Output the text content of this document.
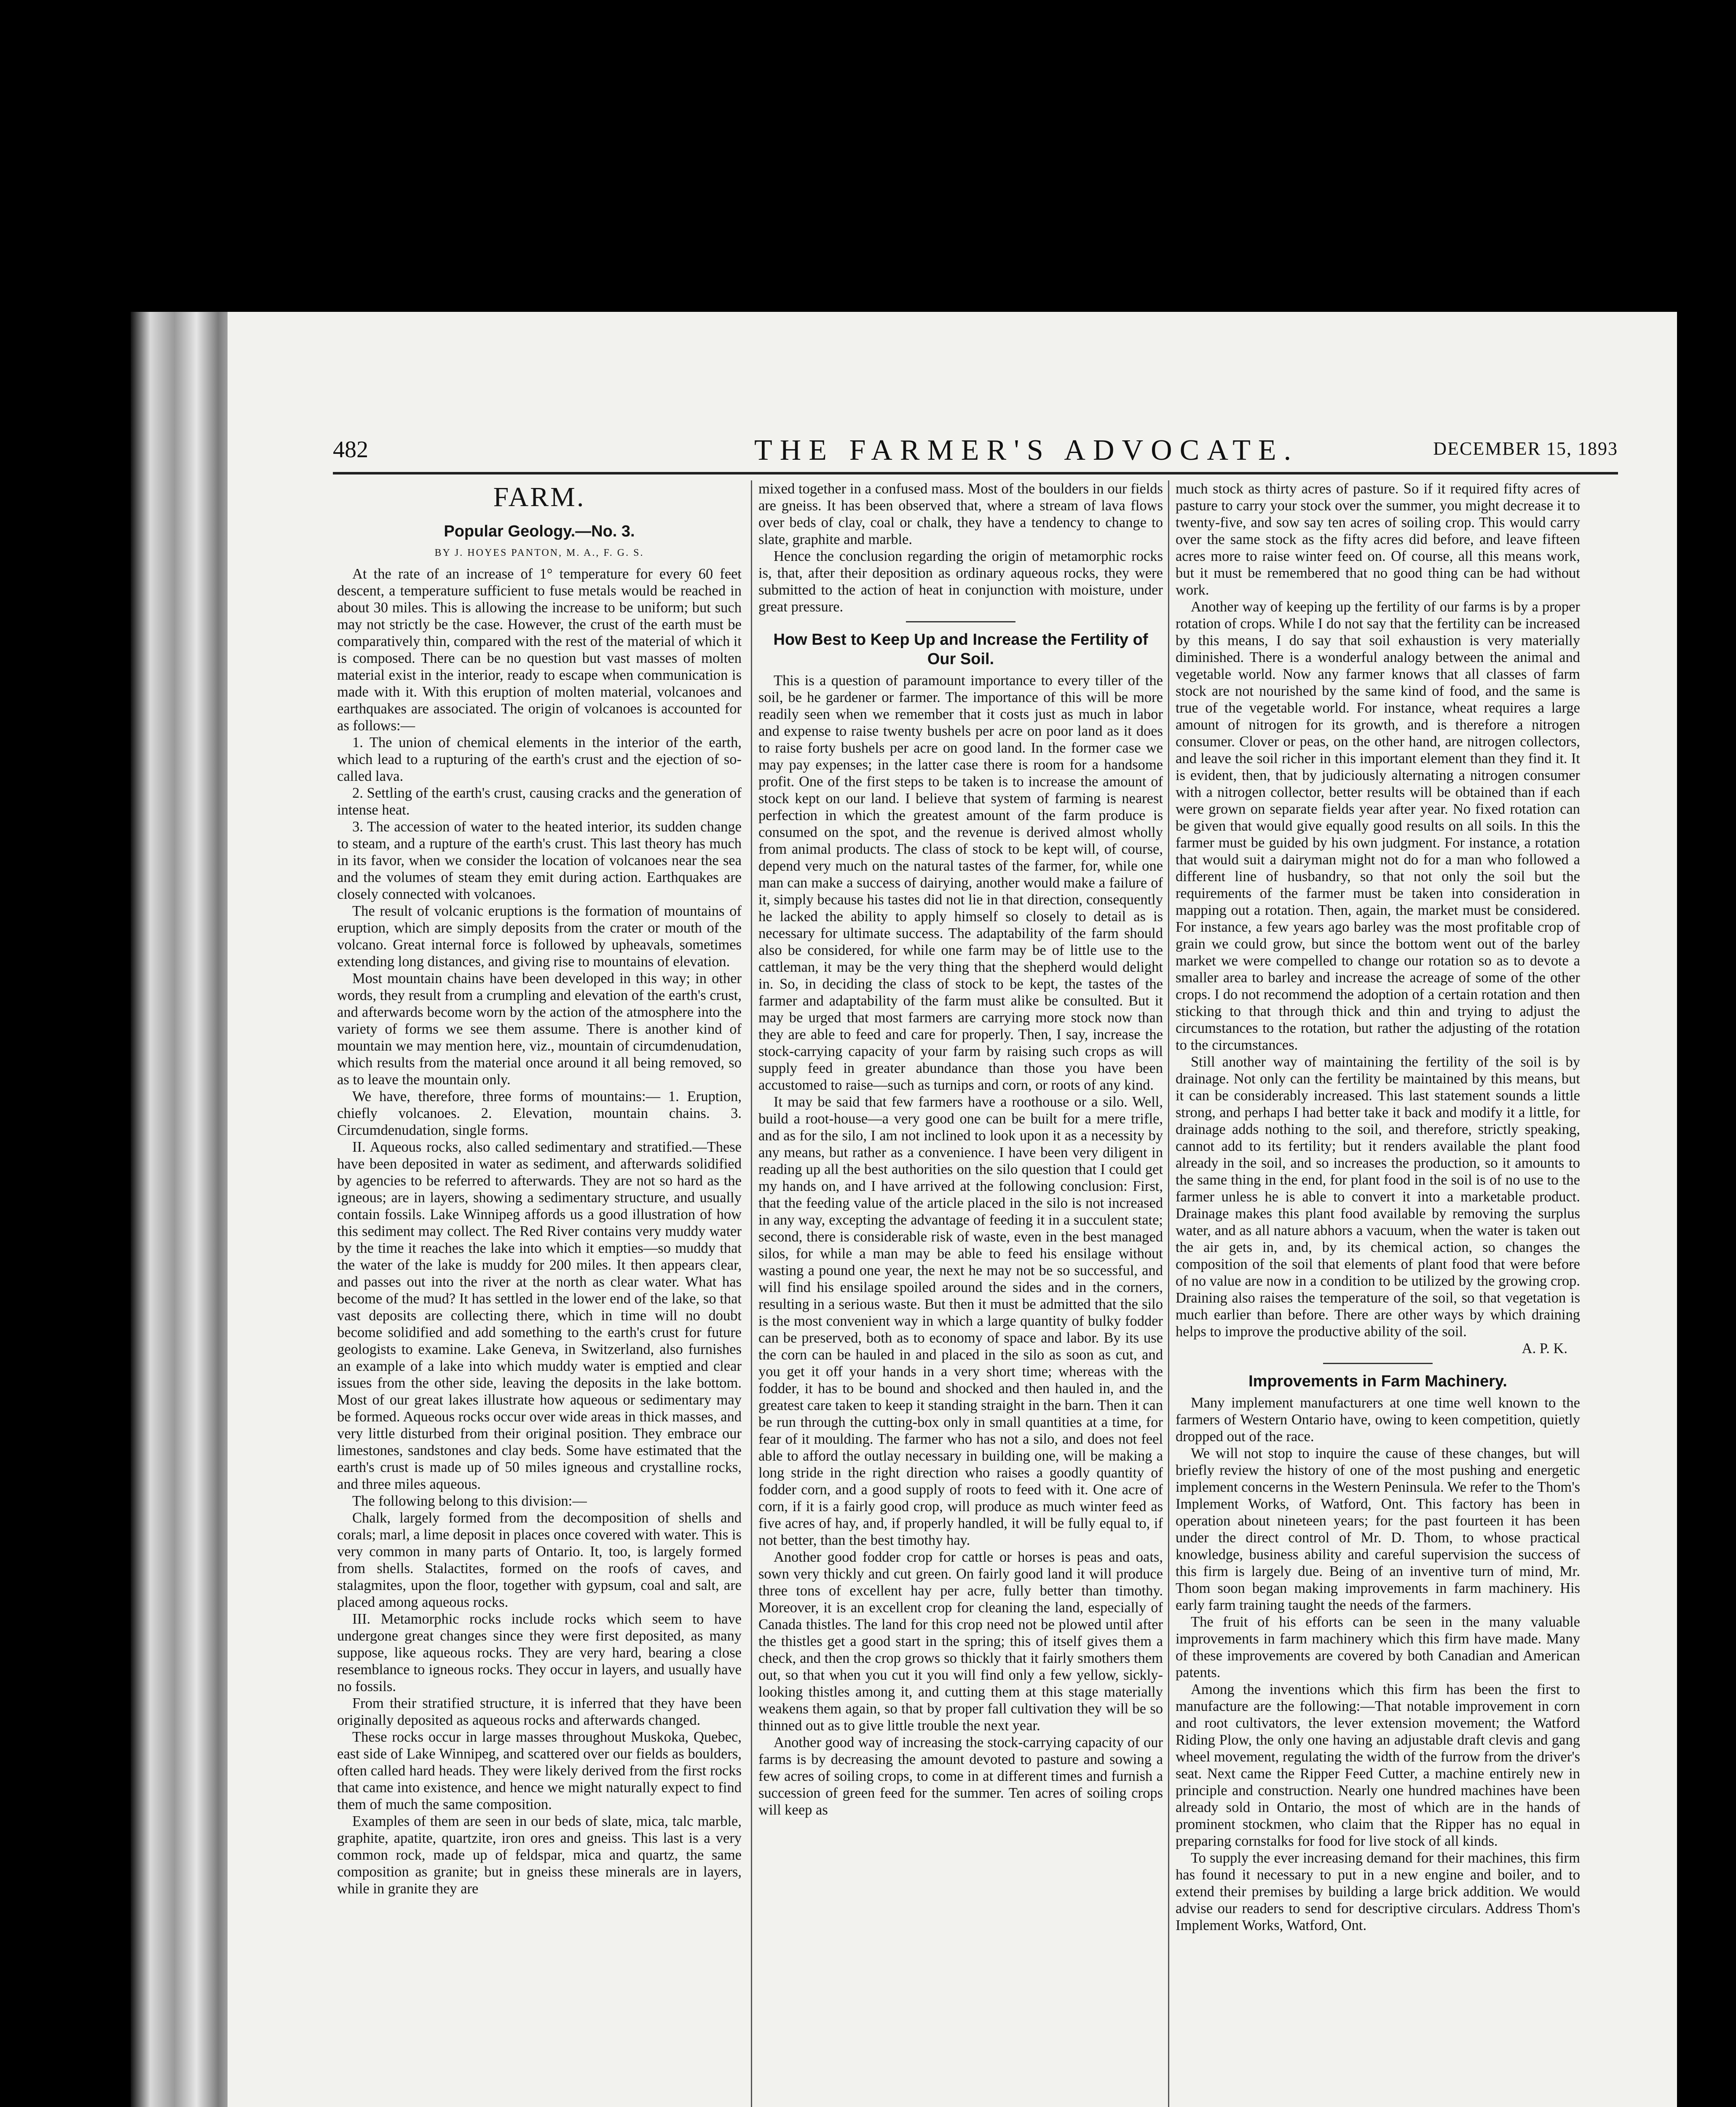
482	THE FARMER'S ADVOCATE.	DECEMBER 15, 1893
FARM.
Popular Geology.—No. 3.
BY J. HOYES PANTON, M. A., F. G. S.

At the rate of an increase of 1° temperature for every 60 feet descent, a temperature sufficient to fuse metals would be reached in about 30 miles. This is allowing the increase to be uniform; but such may not strictly be the case. However, the crust of the earth must be comparatively thin, compared with the rest of the material of which it is composed. There can be no question but vast masses of molten material exist in the interior, ready to escape when communication is made with it. With this eruption of molten material, volcanoes and earthquakes are associated. The origin of volcanoes is accounted for as follows:—

1. The union of chemical elements in the interior of the earth, which lead to a rupturing of the earth's crust and the ejection of so-called lava.

2. Settling of the earth's crust, causing cracks and the generation of intense heat.

3. The accession of water to the heated interior, its sudden change to steam, and a rupture of the earth's crust. This last theory has much in its favor, when we consider the location of volcanoes near the sea and the volumes of steam they emit during action. Earthquakes are closely connected with volcanoes.

The result of volcanic eruptions is the formation of mountains of eruption, which are simply deposits from the crater or mouth of the volcano. Great internal force is followed by upheavals, sometimes extending long distances, and giving rise to mountains of elevation.

Most mountain chains have been developed in this way; in other words, they result from a crumpling and elevation of the earth's crust, and afterwards become worn by the action of the atmosphere into the variety of forms we see them assume. There is another kind of mountain we may mention here, viz., mountain of circumdenudation, which results from the material once around it all being removed, so as to leave the mountain only.

We have, therefore, three forms of mountains:— 1. Eruption, chiefly volcanoes. 2. Elevation, mountain chains. 3. Circumdenudation, single forms.

II. Aqueous rocks, also called sedimentary and stratified.—These have been deposited in water as sediment, and afterwards solidified by agencies to be referred to afterwards. They are not so hard as the igneous; are in layers, showing a sedimentary structure, and usually contain fossils. Lake Winnipeg affords us a good illustration of how this sediment may collect. The Red River contains very muddy water by the time it reaches the lake into which it empties—so muddy that the water of the lake is muddy for 200 miles. It then appears clear, and passes out into the river at the north as clear water. What has become of the mud? It has settled in the lower end of the lake, so that vast deposits are collecting there, which in time will no doubt become solidified and add something to the earth's crust for future geologists to examine. Lake Geneva, in Switzerland, also furnishes an example of a lake into which muddy water is emptied and clear issues from the other side, leaving the deposits in the lake bottom. Most of our great lakes illustrate how aqueous or sedimentary may be formed. Aqueous rocks occur over wide areas in thick masses, and very little disturbed from their original position. They embrace our limestones, sandstones and clay beds. Some have estimated that the earth's crust is made up of 50 miles igneous and crystalline rocks, and three miles aqueous.

The following belong to this division:—

Chalk, largely formed from the decomposition of shells and corals; marl, a lime deposit in places once covered with water. This is very common in many parts of Ontario. It, too, is largely formed from shells. Stalactites, formed on the roofs of caves, and stalagmites, upon the floor, together with gypsum, coal and salt, are placed among aqueous rocks.

III. Metamorphic rocks include rocks which seem to have undergone great changes since they were first deposited, as many suppose, like aqueous rocks. They are very hard, bearing a close resemblance to igneous rocks. They occur in layers, and usually have no fossils.

From their stratified structure, it is inferred that they have been originally deposited as aqueous rocks and afterwards changed.

These rocks occur in large masses throughout Muskoka, Quebec, east side of Lake Winnipeg, and scattered over our fields as boulders, often called hard heads. They were likely derived from the first rocks that came into existence, and hence we might naturally expect to find them of much the same composition.

Examples of them are seen in our beds of slate, mica, talc marble, graphite, apatite, quartzite, iron ores and gneiss. This last is a very common rock, made up of feldspar, mica and quartz, the same composition as granite; but in gneiss these minerals are in layers, while in granite they are

mixed together in a confused mass. Most of the boulders in our fields are gneiss. It has been observed that, where a stream of lava flows over beds of clay, coal or chalk, they have a tendency to change to slate, graphite and marble.

Hence the conclusion regarding the origin of metamorphic rocks is, that, after their deposition as ordinary aqueous rocks, they were submitted to the action of heat in conjunction with moisture, under great pressure.

How Best to Keep Up and Increase the Fertility of Our Soil.

This is a question of paramount importance to every tiller of the soil, be he gardener or farmer. The importance of this will be more readily seen when we remember that it costs just as much in labor and expense to raise twenty bushels per acre on poor land as it does to raise forty bushels per acre on good land. In the former case we may pay expenses; in the latter case there is room for a handsome profit. One of the first steps to be taken is to increase the amount of stock kept on our land. I believe that system of farming is nearest perfection in which the greatest amount of the farm produce is consumed on the spot, and the revenue is derived almost wholly from animal products. The class of stock to be kept will, of course, depend very much on the natural tastes of the farmer, for, while one man can make a success of dairying, another would make a failure of it, simply because his tastes did not lie in that direction, consequently he lacked the ability to apply himself so closely to detail as is necessary for ultimate success. The adaptability of the farm should also be considered, for while one farm may be of little use to the cattleman, it may be the very thing that the shepherd would delight in. So, in deciding the class of stock to be kept, the tastes of the farmer and adaptability of the farm must alike be consulted. But it may be urged that most farmers are carrying more stock now than they are able to feed and care for properly. Then, I say, increase the stock-carrying capacity of your farm by raising such crops as will supply feed in greater abundance than those you have been accustomed to raise—such as turnips and corn, or roots of any kind.

It may be said that few farmers have a roothouse or a silo. Well, build a root-house—a very good one can be built for a mere trifle, and as for the silo, I am not inclined to look upon it as a necessity by any means, but rather as a convenience. I have been very diligent in reading up all the best authorities on the silo question that I could get my hands on, and I have arrived at the following conclusion: First, that the feeding value of the article placed in the silo is not increased in any way, excepting the advantage of feeding it in a succulent state; second, there is considerable risk of waste, even in the best managed silos, for while a man may be able to feed his ensilage without wasting a pound one year, the next he may not be so successful, and will find his ensilage spoiled around the sides and in the corners, resulting in a serious waste. But then it must be admitted that the silo is the most convenient way in which a large quantity of bulky fodder can be preserved, both as to economy of space and labor. By its use the corn can be hauled in and placed in the silo as soon as cut, and you get it off your hands in a very short time; whereas with the fodder, it has to be bound and shocked and then hauled in, and the greatest care taken to keep it standing straight in the barn. Then it can be run through the cutting-box only in small quantities at a time, for fear of it moulding. The farmer who has not a silo, and does not feel able to afford the outlay necessary in building one, will be making a long stride in the right direction who raises a goodly quantity of fodder corn, and a good supply of roots to feed with it. One acre of corn, if it is a fairly good crop, will produce as much winter feed as five acres of hay, and, if properly handled, it will be fully equal to, if not better, than the best timothy hay.

Another good fodder crop for cattle or horses is peas and oats, sown very thickly and cut green. On fairly good land it will produce three tons of excellent hay per acre, fully better than timothy. Moreover, it is an excellent crop for cleaning the land, especially of Canada thistles. The land for this crop need not be plowed until after the thistles get a good start in the spring; this of itself gives them a check, and then the crop grows so thickly that it fairly smothers them out, so that when you cut it you will find only a few yellow, sickly-looking thistles among it, and cutting them at this stage materially weakens them again, so that by proper fall cultivation they will be so thinned out as to give little trouble the next year.

Another good way of increasing the stock-carrying capacity of our farms is by decreasing the amount devoted to pasture and sowing a few acres of soiling crops, to come in at different times and furnish a succession of green feed for the summer. Ten acres of soiling crops will keep as

much stock as thirty acres of pasture. So if it required fifty acres of pasture to carry your stock over the summer, you might decrease it to twenty-five, and sow say ten acres of soiling crop. This would carry over the same stock as the fifty acres did before, and leave fifteen acres more to raise winter feed on. Of course, all this means work, but it must be remembered that no good thing can be had without work.

Another way of keeping up the fertility of our farms is by a proper rotation of crops. While I do not say that the fertility can be increased by this means, I do say that soil exhaustion is very materially diminished. There is a wonderful analogy between the animal and vegetable world. Now any farmer knows that all classes of farm stock are not nourished by the same kind of food, and the same is true of the vegetable world. For instance, wheat requires a large amount of nitrogen for its growth, and is therefore a nitrogen consumer. Clover or peas, on the other hand, are nitrogen collectors, and leave the soil richer in this important element than they find it. It is evident, then, that by judiciously alternating a nitrogen consumer with a nitrogen collector, better results will be obtained than if each were grown on separate fields year after year. No fixed rotation can be given that would give equally good results on all soils. In this the farmer must be guided by his own judgment. For instance, a rotation that would suit a dairyman might not do for a man who followed a different line of husbandry, so that not only the soil but the requirements of the farmer must be taken into consideration in mapping out a rotation. Then, again, the market must be considered. For instance, a few years ago barley was the most profitable crop of grain we could grow, but since the bottom went out of the barley market we were compelled to change our rotation so as to devote a smaller area to barley and increase the acreage of some of the other crops. I do not recommend the adoption of a certain rotation and then sticking to that through thick and thin and trying to adjust the circumstances to the rotation, but rather the adjusting of the rotation to the circumstances.

Still another way of maintaining the fertility of the soil is by drainage. Not only can the fertility be maintained by this means, but it can be considerably increased. This last statement sounds a little strong, and perhaps I had better take it back and modify it a little, for drainage adds nothing to the soil, and therefore, strictly speaking, cannot add to its fertility; but it renders available the plant food already in the soil, and so increases the production, so it amounts to the same thing in the end, for plant food in the soil is of no use to the farmer unless he is able to convert it into a marketable product. Drainage makes this plant food available by removing the surplus water, and as all nature abhors a vacuum, when the water is taken out the air gets in, and, by its chemical action, so changes the composition of the soil that elements of plant food that were before of no value are now in a condition to be utilized by the growing crop. Draining also raises the temperature of the soil, so that vegetation is much earlier than before. There are other ways by which draining helps to improve the productive ability of the soil.

A. P. K.
Improvements in Farm Machinery.

Many implement manufacturers at one time well known to the farmers of Western Ontario have, owing to keen competition, quietly dropped out of the race.

We will not stop to inquire the cause of these changes, but will briefly review the history of one of the most pushing and energetic implement concerns in the Western Peninsula. We refer to the Thom's Implement Works, of Watford, Ont. This factory has been in operation about nineteen years; for the past fourteen it has been under the direct control of Mr. D. Thom, to whose practical knowledge, business ability and careful supervision the success of this firm is largely due. Being of an inventive turn of mind, Mr. Thom soon began making improvements in farm machinery. His early farm training taught the needs of the farmers.

The fruit of his efforts can be seen in the many valuable improvements in farm machinery which this firm have made. Many of these improvements are covered by both Canadian and American patents.

Among the inventions which this firm has been the first to manufacture are the following:—That notable improvement in corn and root cultivators, the lever extension movement; the Watford Riding Plow, the only one having an adjustable draft clevis and gang wheel movement, regulating the width of the furrow from the driver's seat. Next came the Ripper Feed Cutter, a machine entirely new in principle and construction. Nearly one hundred machines have been already sold in Ontario, the most of which are in the hands of prominent stockmen, who claim that the Ripper has no equal in preparing cornstalks for food for live stock of all kinds.

To supply the ever increasing demand for their machines, this firm has found it necessary to put in a new engine and boiler, and to extend their premises by building a large brick addition. We would advise our readers to send for descriptive circulars. Address Thom's Implement Works, Watford, Ont.
